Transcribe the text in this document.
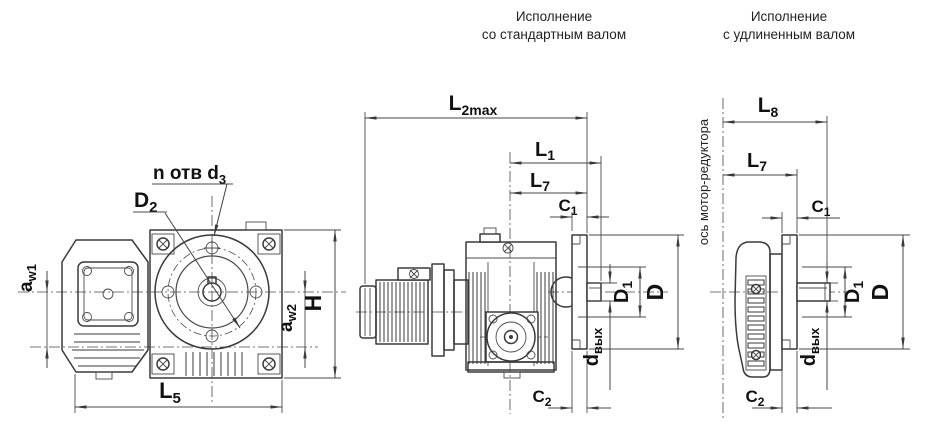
Исполнение
со стандартным валом
Исполнение
с удлиненным валом
$a_{w1}$
$a_{w2}$
H
$L_5$
n отв $d_3$
$D_2$
$L_{2max}$
$L_1$
$L_7$
$C_1$
$C_2$
$d_{вых}$
$D_1$ D
ось мотор-редуктора
$L_8$
$L_7$
$C_1$
$C_2$
$d_{вых}$
$D_1$ D
